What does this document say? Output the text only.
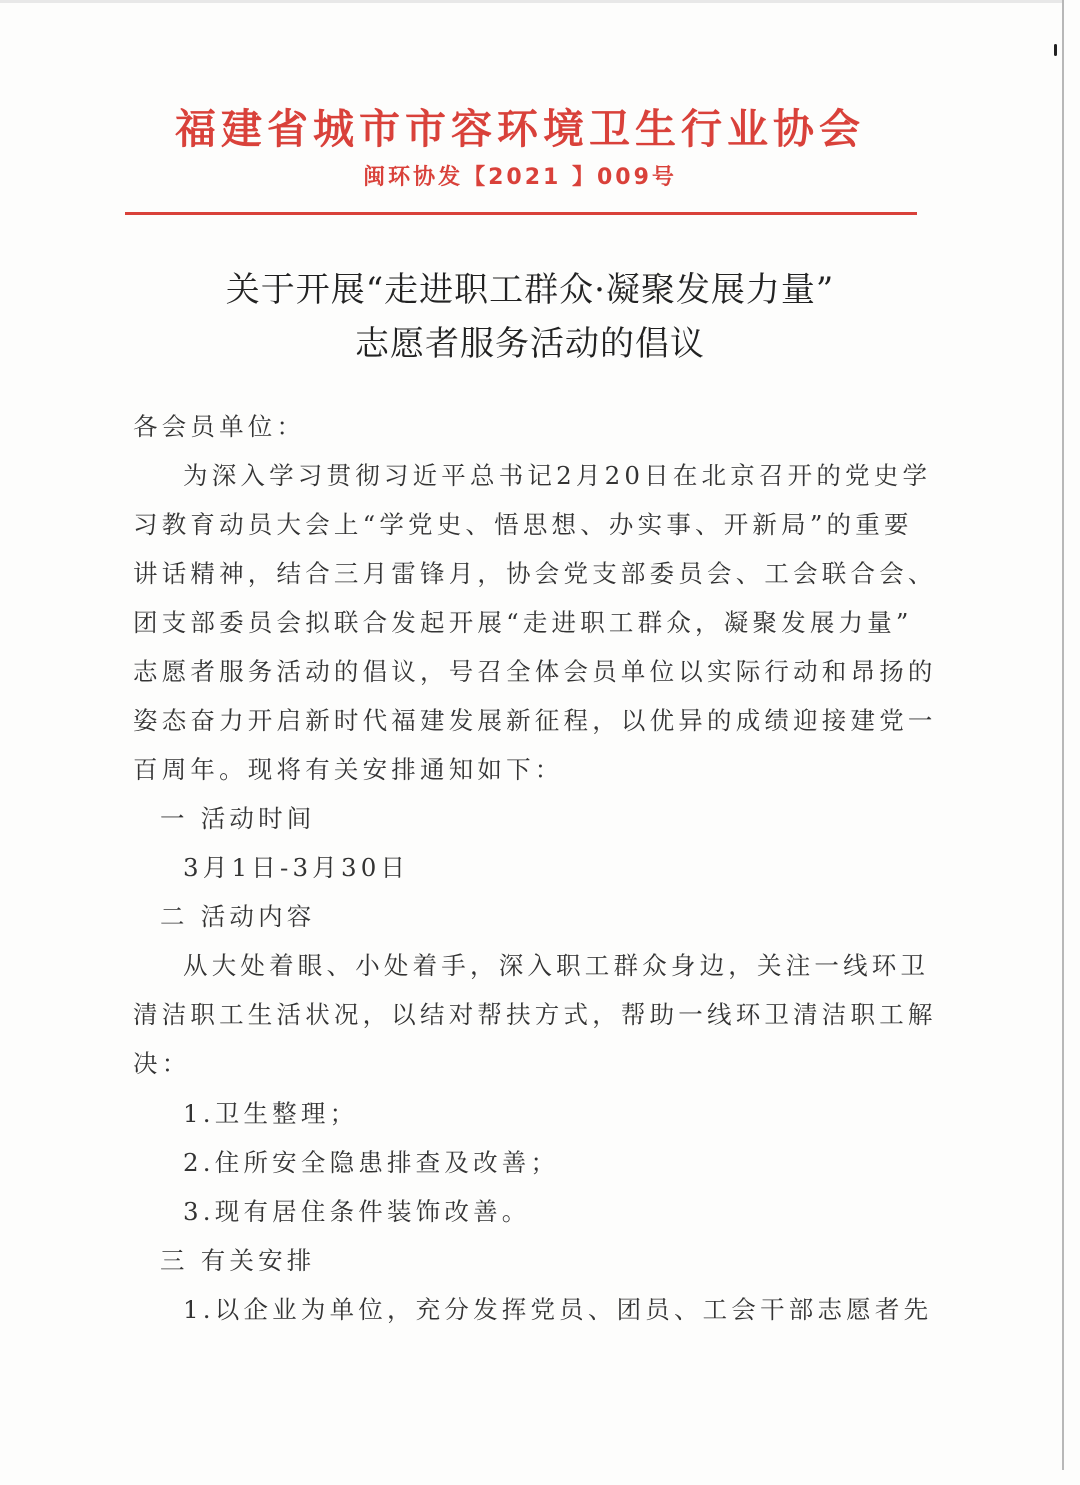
福建省城市市容环境卫生行业协会
闽环协发【2021 】009号
关于开展“走进职工群众·凝聚发展力量”
志愿者服务活动的倡议
各会员单位：
为深入学习贯彻习近平总书记2月20日在北京召开的党史学
习教育动员大会上“学党史、悟思想、办实事、开新局”的重要
讲话精神，结合三月雷锋月，协会党支部委员会、工会联合会、
团支部委员会拟联合发起开展“走进职工群众，凝聚发展力量”
志愿者服务活动的倡议，号召全体会员单位以实际行动和昂扬的
姿态奋力开启新时代福建发展新征程，以优异的成绩迎接建党一
百周年。现将有关安排通知如下：
一 活动时间
3月1日-3月30日
二 活动内容
从大处着眼、小处着手，深入职工群众身边，关注一线环卫
清洁职工生活状况，以结对帮扶方式，帮助一线环卫清洁职工解
决：
1.卫生整理；
2.住所安全隐患排查及改善；
3.现有居住条件装饰改善。
三 有关安排
1.以企业为单位，充分发挥党员、团员、工会干部志愿者先
